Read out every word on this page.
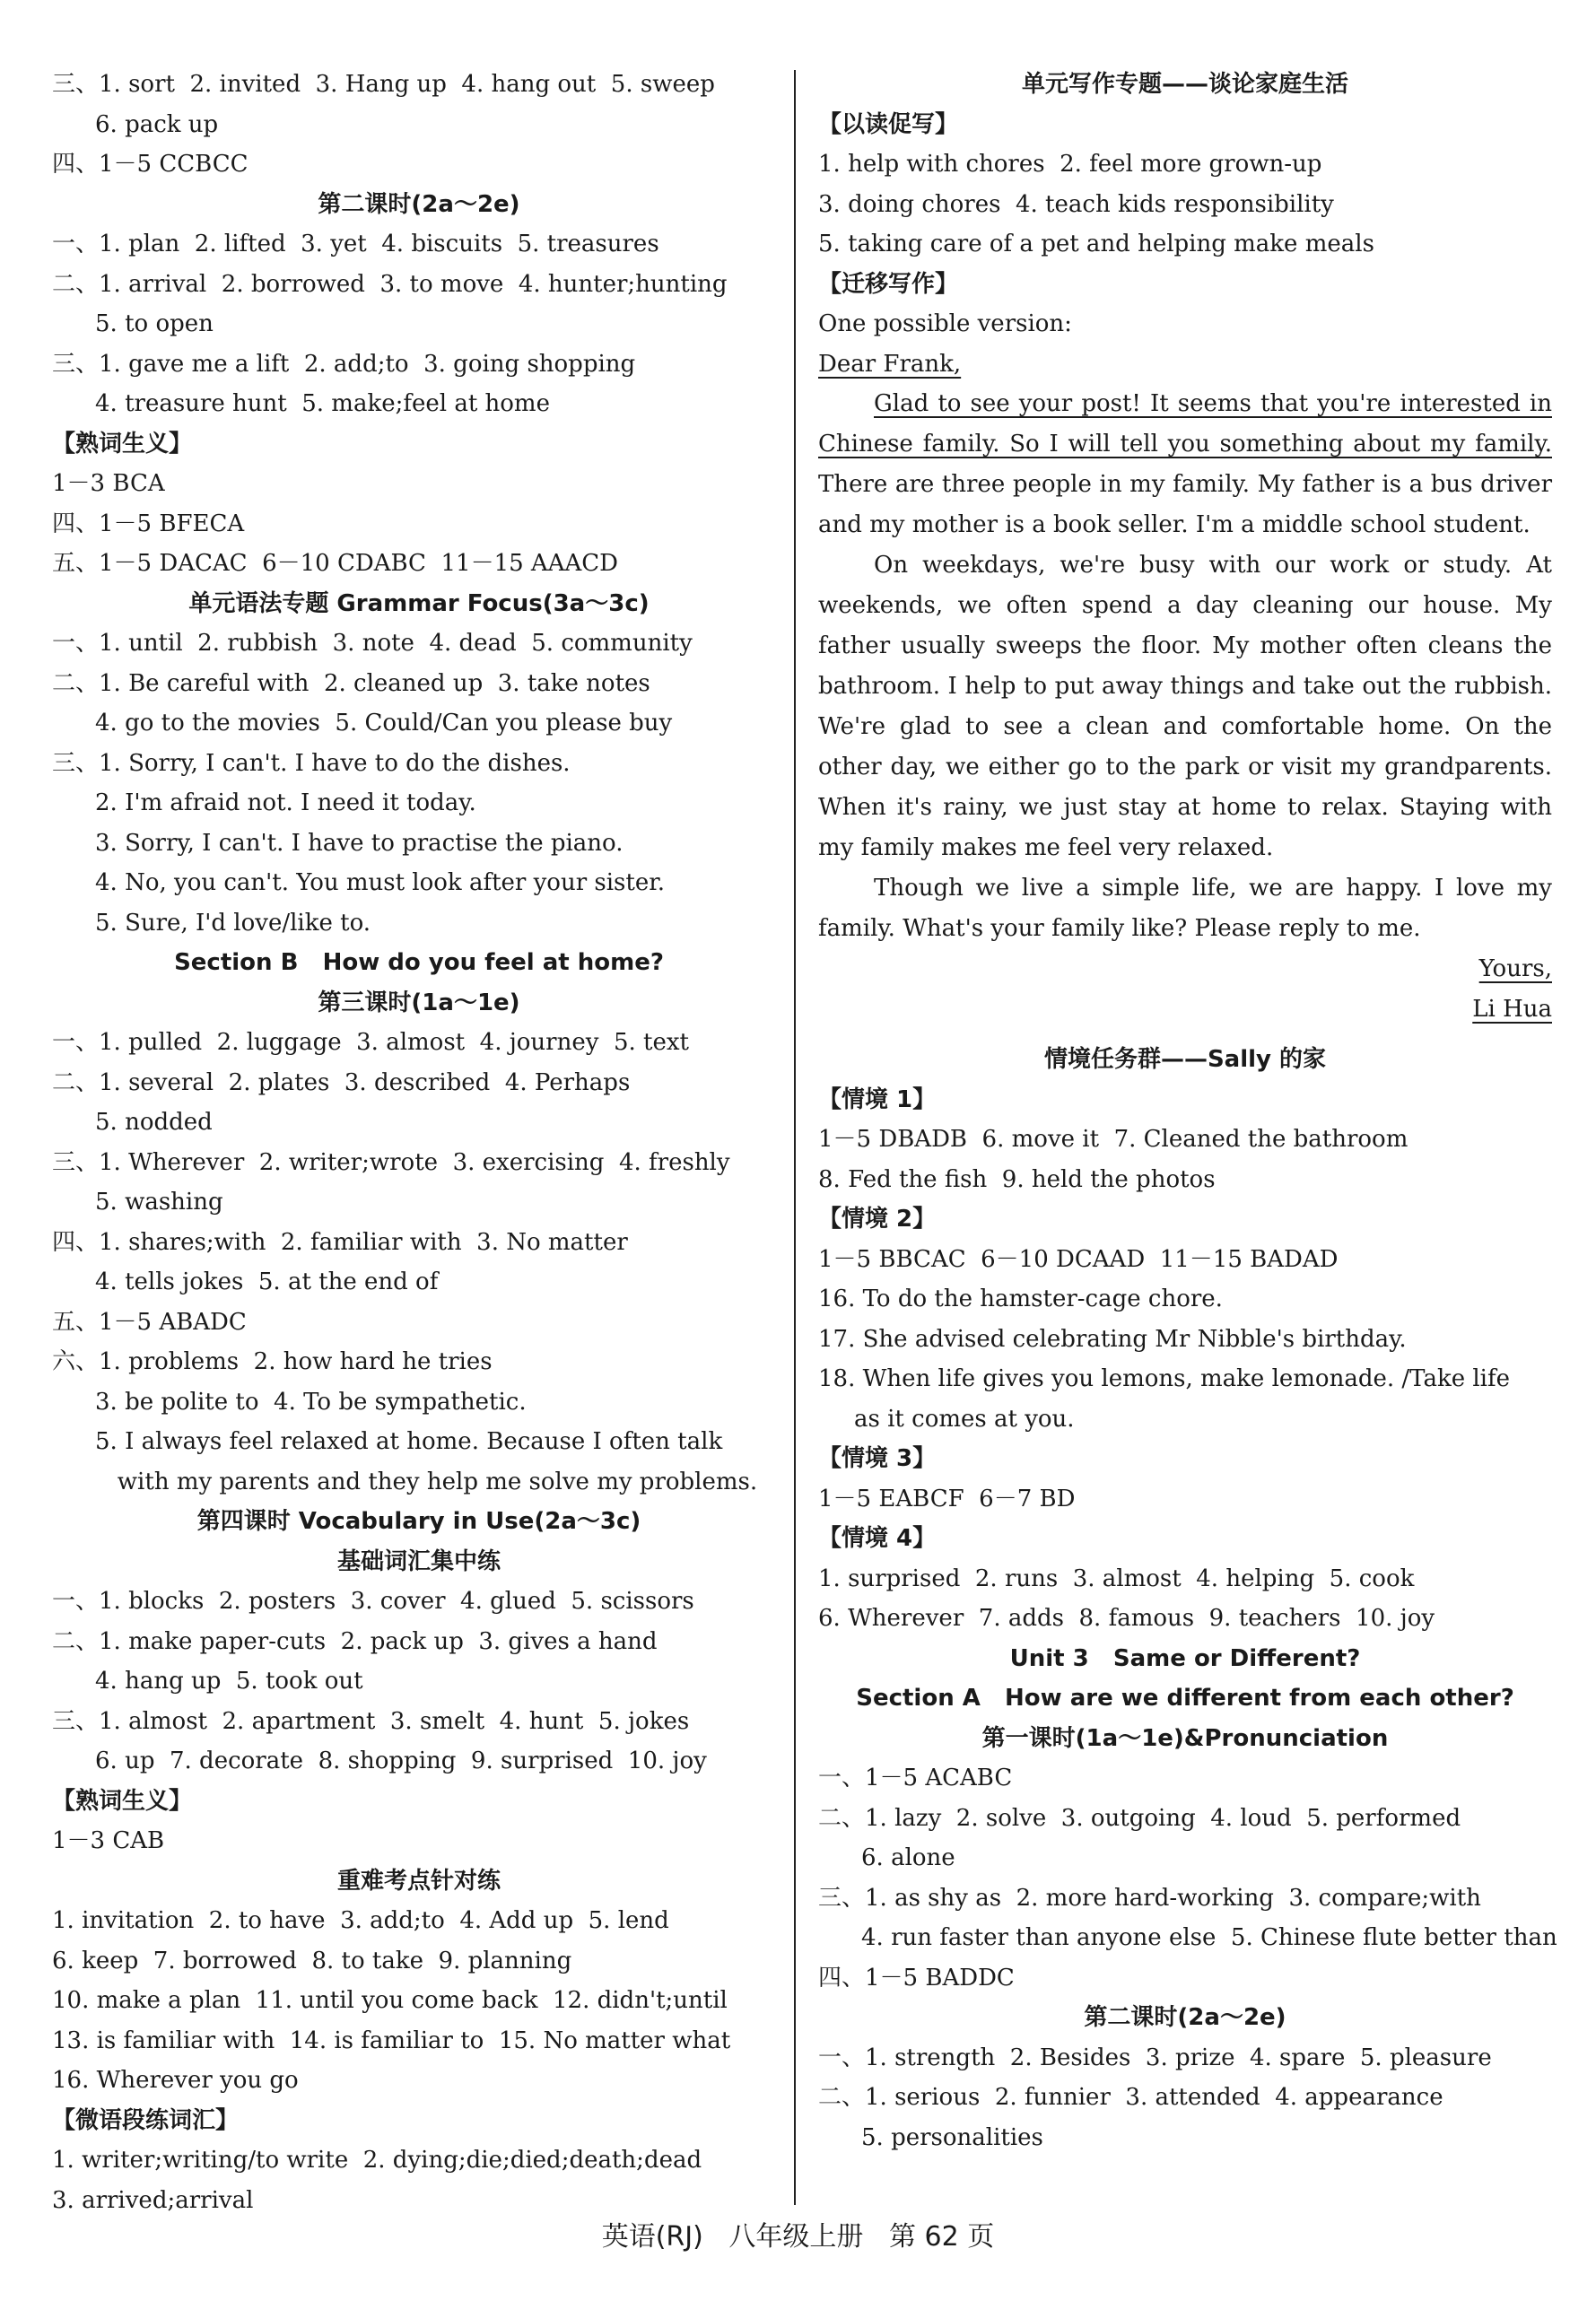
三、1. sort  2. invited  3. Hang up  4. hang out  5. sweep
6. pack up
四、1－5 CCBCC
第二课时(2a～2e)
一、1. plan  2. lifted  3. yet  4. biscuits  5. treasures
二、1. arrival  2. borrowed  3. to move  4. hunter;hunting
5. to open
三、1. gave me a lift  2. add;to  3. going shopping
4. treasure hunt  5. make;feel at home
【熟词生义】
1－3 BCA
四、1－5 BFECA
五、1－5 DACAC  6－10 CDABC  11－15 AAACD
单元语法专题 Grammar Focus(3a～3c)
一、1. until  2. rubbish  3. note  4. dead  5. community
二、1. Be careful with  2. cleaned up  3. take notes
4. go to the movies  5. Could/Can you please buy
三、1. Sorry, I can't. I have to do the dishes.
2. I'm afraid not. I need it today.
3. Sorry, I can't. I have to practise the piano.
4. No, you can't. You must look after your sister.
5. Sure, I'd love/like to.
Section B   How do you feel at home?
第三课时(1a～1e)
一、1. pulled  2. luggage  3. almost  4. journey  5. text
二、1. several  2. plates  3. described  4. Perhaps
5. nodded
三、1. Wherever  2. writer;wrote  3. exercising  4. freshly
5. washing
四、1. shares;with  2. familiar with  3. No matter
4. tells jokes  5. at the end of
五、1－5 ABADC
六、1. problems  2. how hard he tries
3. be polite to  4. To be sympathetic.
5. I always feel relaxed at home. Because I often talk
with my parents and they help me solve my problems.
第四课时 Vocabulary in Use(2a～3c)
基础词汇集中练
一、1. blocks  2. posters  3. cover  4. glued  5. scissors
二、1. make paper-cuts  2. pack up  3. gives a hand
4. hang up  5. took out
三、1. almost  2. apartment  3. smelt  4. hunt  5. jokes
6. up  7. decorate  8. shopping  9. surprised  10. joy
【熟词生义】
1－3 CAB
重难考点针对练
1. invitation  2. to have  3. add;to  4. Add up  5. lend
6. keep  7. borrowed  8. to take  9. planning
10. make a plan  11. until you come back  12. didn't;until
13. is familiar with  14. is familiar to  15. No matter what
16. Wherever you go
【微语段练词汇】
1. writer;writing/to write  2. dying;die;died;death;dead
3. arrived;arrival
单元写作专题——谈论家庭生活
【以读促写】
1. help with chores  2. feel more grown-up
3. doing chores  4. teach kids responsibility
5. taking care of a pet and helping make meals
【迁移写作】
One possible version:
Dear Frank,
Glad to see your post! It seems that you're interested in Chinese family. So I will tell you something about my family. There are three people in my family. My father is a bus driver and my mother is a book seller. I'm a middle school student.
On weekdays, we're busy with our work or study. At weekends, we often spend a day cleaning our house. My father usually sweeps the floor. My mother often cleans the bathroom. I help to put away things and take out the rubbish. We're glad to see a clean and comfortable home. On the other day, we either go to the park or visit my grandparents. When it's rainy, we just stay at home to relax. Staying with my family makes me feel very relaxed.
Though we live a simple life, we are happy. I love my family. What's your family like? Please reply to me.
Yours,
Li Hua
情境任务群——Sally 的家
【情境 1】
1－5 DBADB  6. move it  7. Cleaned the bathroom
8. Fed the fish  9. held the photos
【情境 2】
1－5 BBCAC  6－10 DCAAD  11－15 BADAD
16. To do the hamster-cage chore.
17. She advised celebrating Mr Nibble's birthday.
18. When life gives you lemons, make lemonade. /Take life
as it comes at you.
【情境 3】
1－5 EABCF  6－7 BD
【情境 4】
1. surprised  2. runs  3. almost  4. helping  5. cook
6. Wherever  7. adds  8. famous  9. teachers  10. joy
Unit 3   Same or Different?
Section A   How are we different from each other?
第一课时(1a～1e)&Pronunciation
一、1－5 ACABC
二、1. lazy  2. solve  3. outgoing  4. loud  5. performed
6. alone
三、1. as shy as  2. more hard-working  3. compare;with
4. run faster than anyone else  5. Chinese flute better than
四、1－5 BADDC
第二课时(2a～2e)
一、1. strength  2. Besides  3. prize  4. spare  5. pleasure
二、1. serious  2. funnier  3. attended  4. appearance
5. personalities
英语(RJ)   八年级上册   第 62 页
